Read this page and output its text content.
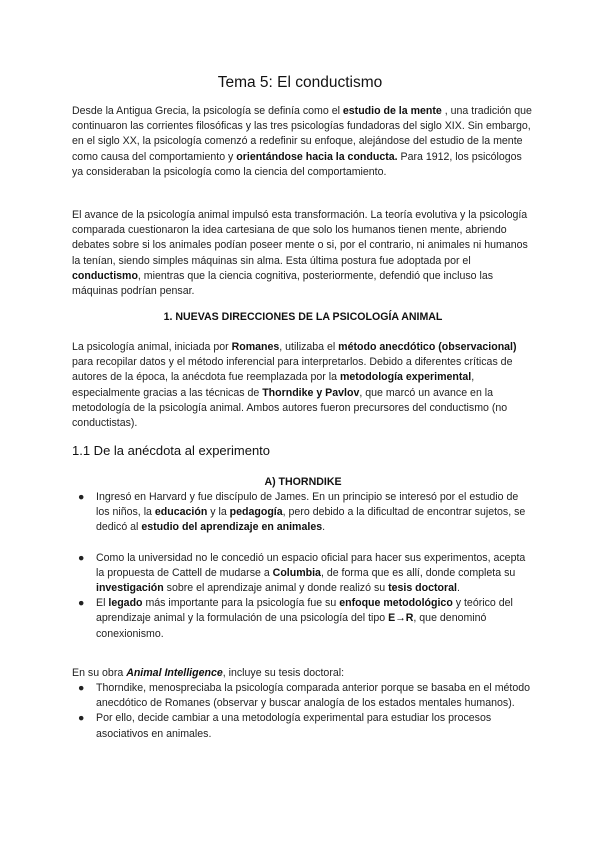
Tema 5: El conductismo

Desde la Antigua Grecia, la psicología se definía como el estudio de la mente , una tradición que continuaron las corrientes filosóficas y las tres psicologías fundadoras del siglo XIX. Sin embargo, en el siglo XX, la psicología comenzó a redefinir su enfoque, alejándose del estudio de la mente como causa del comportamiento y orientándose hacia la conducta. Para 1912, los psicólogos ya consideraban la psicología como la ciencia del comportamiento.

El avance de la psicología animal impulsó esta transformación. La teoría evolutiva y la psicología comparada cuestionaron la idea cartesiana de que solo los humanos tienen mente, abriendo debates sobre si los animales podían poseer mente o si, por el contrario, ni animales ni humanos la tenían, siendo simples máquinas sin alma. Esta última postura fue adoptada por el conductismo, mientras que la ciencia cognitiva, posteriormente, defendió que incluso las máquinas podrían pensar.

1. NUEVAS DIRECCIONES DE LA PSICOLOGÍA ANIMAL

La psicología animal, iniciada por Romanes, utilizaba el método anecdótico (observacional) para recopilar datos y el método inferencial para interpretarlos. Debido a diferentes críticas de autores de la época, la anécdota fue reemplazada por la metodología experimental, especialmente gracias a las técnicas de Thorndike y Pavlov, que marcó un avance en la metodología de la psicología animal. Ambos autores fueron precursores del conductismo (no conductistas).

1.1 De la anécdota al experimento
A) THORNDIKE
● Ingresó en Harvard y fue discípulo de James. En un principio se interesó por el estudio de los niños, la educación y la pedagogía, pero debido a la dificultad de encontrar sujetos, se dedicó al estudio del aprendizaje en animales.
● Como la universidad no le concedió un espacio oficial para hacer sus experimentos, acepta la propuesta de Cattell de mudarse a Columbia, de forma que es allí, donde completa su investigación sobre el aprendizaje animal y donde realizó su tesis doctoral.
● El legado más importante para la psicología fue su enfoque metodológico y teórico del aprendizaje animal y la formulación de una psicología del tipo E→R, que denominó conexionismo.

En su obra Animal Intelligence, incluye su tesis doctoral:

● Thorndike, menospreciaba la psicología comparada anterior porque se basaba en el método anecdótico de Romanes (observar y buscar analogía de los estados mentales humanos).
● Por ello, decide cambiar a una metodología experimental para estudiar los procesos asociativos en animales.
